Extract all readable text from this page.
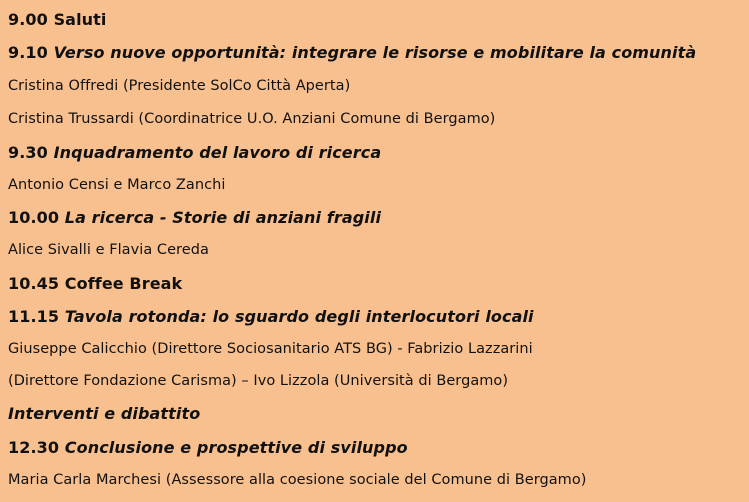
9.00 Saluti
9.10 Verso nuove opportunità: integrare le risorse e mobilitare la comunità
Cristina Offredi (Presidente SolCo Città Aperta)
Cristina Trussardi (Coordinatrice U.O. Anziani Comune di Bergamo)
9.30 Inquadramento del lavoro di ricerca
Antonio Censi e Marco Zanchi
10.00 La ricerca - Storie di anziani fragili
Alice Sivalli e Flavia Cereda
10.45 Coffee Break
11.15 Tavola rotonda: lo sguardo degli interlocutori locali
Giuseppe Calicchio (Direttore Sociosanitario ATS BG) - Fabrizio Lazzarini
(Direttore Fondazione Carisma) – Ivo Lizzola (Università di Bergamo)
Interventi e dibattito
12.30 Conclusione e prospettive di sviluppo
Maria Carla Marchesi (Assessore alla coesione sociale del Comune di Bergamo)
